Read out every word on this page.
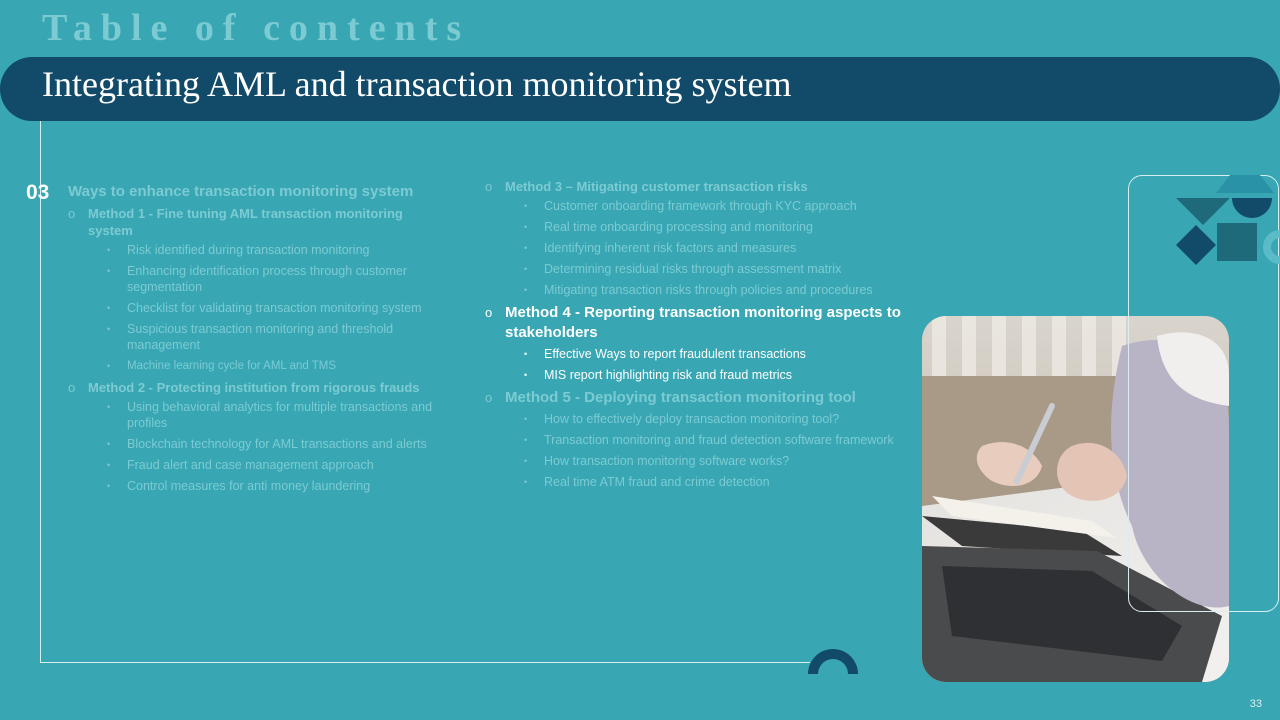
Table of contents
Integrating AML and transaction monitoring system
03 Ways to enhance transaction monitoring system
o Method 1 - Fine tuning AML transaction monitoring system
• Risk identified during transaction monitoring
• Enhancing identification process through customer segmentation
• Checklist for validating transaction monitoring system
• Suspicious transaction monitoring and threshold management
• Machine learning cycle for AML and TMS
o Method 2 - Protecting institution from rigorous frauds
• Using behavioral analytics for multiple transactions and profiles
• Blockchain technology for AML transactions and alerts
• Fraud alert and case management approach
• Control measures for anti money laundering
o Method 3 – Mitigating customer transaction risks
• Customer onboarding framework through KYC approach
• Real time onboarding processing and monitoring
• Identifying inherent risk factors and measures
• Determining residual risks through assessment matrix
• Mitigating transaction risks through policies and procedures
o Method 4 - Reporting transaction monitoring aspects to stakeholders
• Effective Ways to report fraudulent transactions
• MIS report highlighting risk and fraud metrics
o Method 5 - Deploying transaction monitoring tool
• How to effectively deploy transaction monitoring tool?
• Transaction monitoring and fraud detection software framework
• How transaction monitoring software works?
• Real time ATM fraud and crime detection
33
